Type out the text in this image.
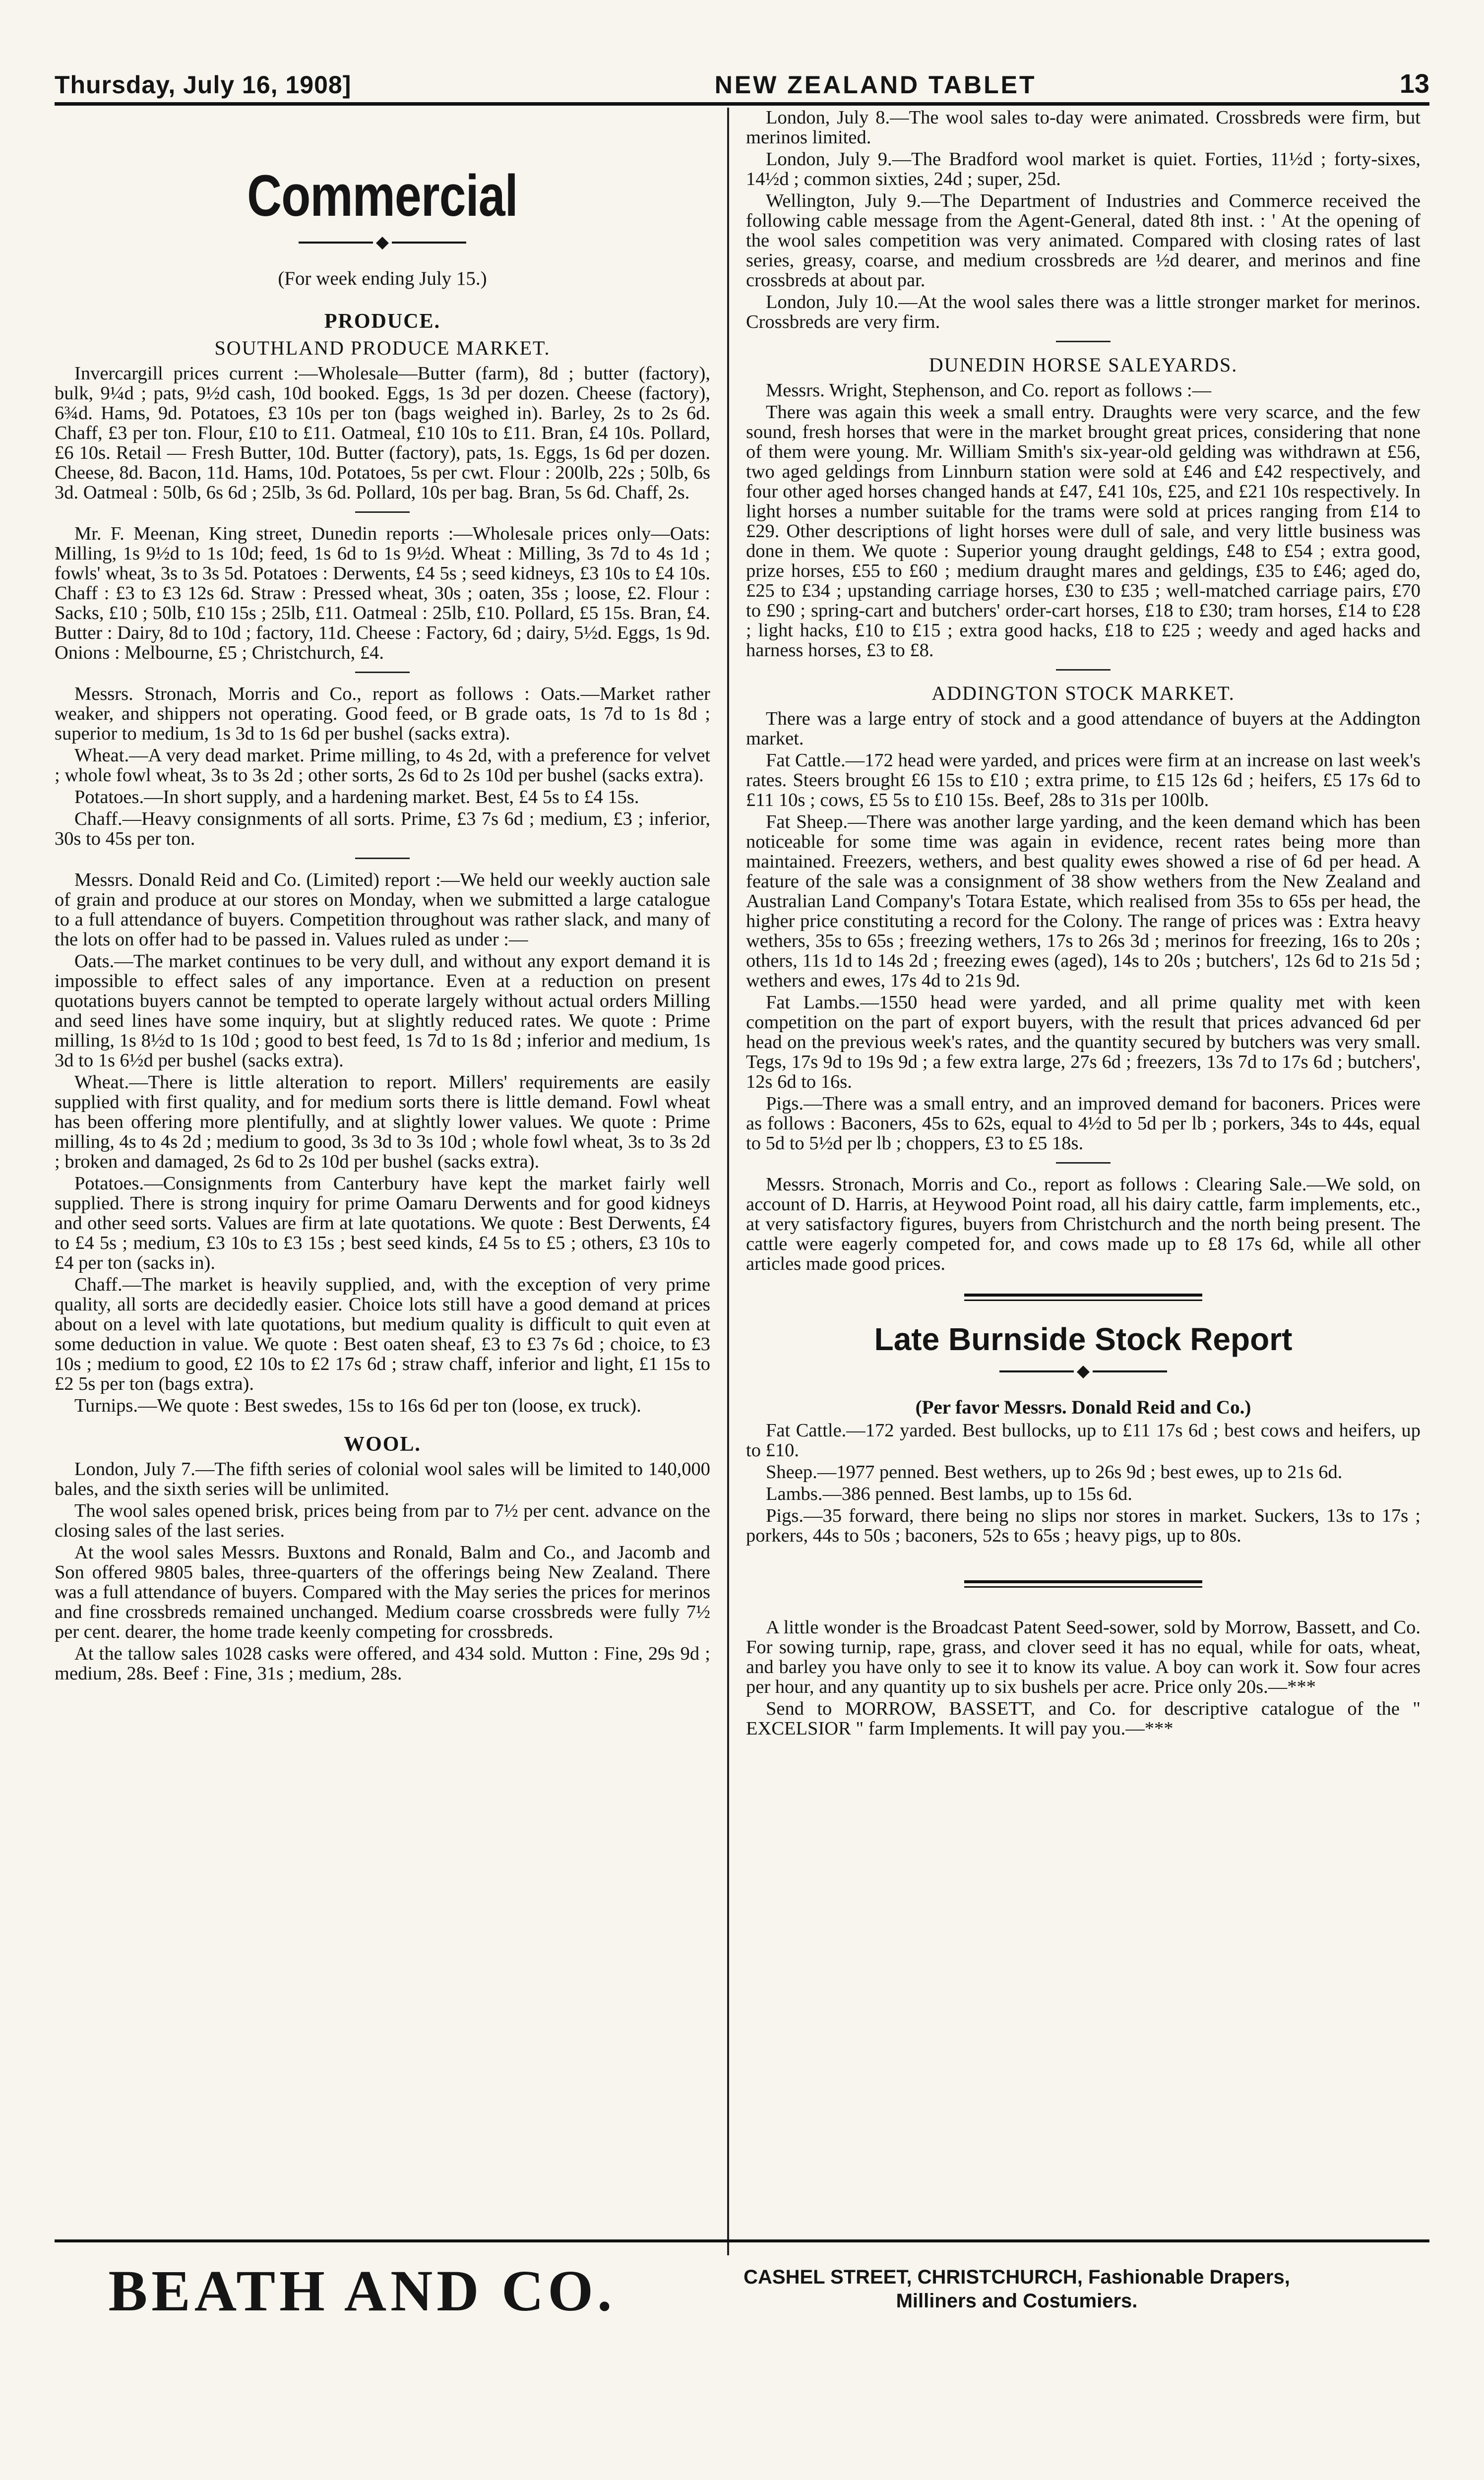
Thursday, July 16, 1908]	NEW ZEALAND TABLET	13
Commercial
◆
(For week ending July 15.)
PRODUCE.
SOUTHLAND PRODUCE MARKET.

Invercargill prices current :—Wholesale—Butter (farm), 8d ; butter (factory), bulk, 9¼d ; pats, 9½d cash, 10d booked. Eggs, 1s 3d per dozen. Cheese (factory), 6¾d. Hams, 9d. Potatoes, £3 10s per ton (bags weighed in). Barley, 2s to 2s 6d. Chaff, £3 per ton. Flour, £10 to £11. Oatmeal, £10 10s to £11. Bran, £4 10s. Pollard, £6 10s. Retail — Fresh Butter, 10d. Butter (factory), pats, 1s. Eggs, 1s 6d per dozen. Cheese, 8d. Bacon, 11d. Hams, 10d. Potatoes, 5s per cwt. Flour : 200lb, 22s ; 50lb, 6s 3d. Oatmeal : 50lb, 6s 6d ; 25lb, 3s 6d. Pollard, 10s per bag. Bran, 5s 6d. Chaff, 2s.

Mr. F. Meenan, King street, Dunedin reports :—Wholesale prices only—Oats: Milling, 1s 9½d to 1s 10d; feed, 1s 6d to 1s 9½d. Wheat : Milling, 3s 7d to 4s 1d ; fowls' wheat, 3s to 3s 5d. Potatoes : Derwents, £4 5s ; seed kidneys, £3 10s to £4 10s. Chaff : £3 to £3 12s 6d. Straw : Pressed wheat, 30s ; oaten, 35s ; loose, £2. Flour : Sacks, £10 ; 50lb, £10 15s ; 25lb, £11. Oatmeal : 25lb, £10. Pollard, £5 15s. Bran, £4. Butter : Dairy, 8d to 10d ; factory, 11d. Cheese : Factory, 6d ; dairy, 5½d. Eggs, 1s 9d. Onions : Melbourne, £5 ; Christchurch, £4.

Messrs. Stronach, Morris and Co., report as follows : Oats.—Market rather weaker, and shippers not operating. Good feed, or B grade oats, 1s 7d to 1s 8d ; superior to medium, 1s 3d to 1s 6d per bushel (sacks extra).

Wheat.—A very dead market. Prime milling, to 4s 2d, with a preference for velvet ; whole fowl wheat, 3s to 3s 2d ; other sorts, 2s 6d to 2s 10d per bushel (sacks extra).

Potatoes.—In short supply, and a hardening market. Best, £4 5s to £4 15s.

Chaff.—Heavy consignments of all sorts. Prime, £3 7s 6d ; medium, £3 ; inferior, 30s to 45s per ton.

Messrs. Donald Reid and Co. (Limited) report :—We held our weekly auction sale of grain and produce at our stores on Monday, when we submitted a large catalogue to a full attendance of buyers. Competition throughout was rather slack, and many of the lots on offer had to be passed in. Values ruled as under :—

Oats.—The market continues to be very dull, and without any export demand it is impossible to effect sales of any importance. Even at a reduction on present quotations buyers cannot be tempted to operate largely without actual orders Milling and seed lines have some inquiry, but at slightly reduced rates. We quote : Prime milling, 1s 8½d to 1s 10d ; good to best feed, 1s 7d to 1s 8d ; inferior and medium, 1s 3d to 1s 6½d per bushel (sacks extra).

Wheat.—There is little alteration to report. Millers' requirements are easily supplied with first quality, and for medium sorts there is little demand. Fowl wheat has been offering more plentifully, and at slightly lower values. We quote : Prime milling, 4s to 4s 2d ; medium to good, 3s 3d to 3s 10d ; whole fowl wheat, 3s to 3s 2d ; broken and damaged, 2s 6d to 2s 10d per bushel (sacks extra).

Potatoes.—Consignments from Canterbury have kept the market fairly well supplied. There is strong inquiry for prime Oamaru Derwents and for good kidneys and other seed sorts. Values are firm at late quotations. We quote : Best Derwents, £4 to £4 5s ; medium, £3 10s to £3 15s ; best seed kinds, £4 5s to £5 ; others, £3 10s to £4 per ton (sacks in).

Chaff.—The market is heavily supplied, and, with the exception of very prime quality, all sorts are decidedly easier. Choice lots still have a good demand at prices about on a level with late quotations, but medium quality is difficult to quit even at some deduction in value. We quote : Best oaten sheaf, £3 to £3 7s 6d ; choice, to £3 10s ; medium to good, £2 10s to £2 17s 6d ; straw chaff, inferior and light, £1 15s to £2 5s per ton (bags extra).

Turnips.—We quote : Best swedes, 15s to 16s 6d per ton (loose, ex truck).

WOOL.

London, July 7.—The fifth series of colonial wool sales will be limited to 140,000 bales, and the sixth series will be unlimited.

The wool sales opened brisk, prices being from par to 7½ per cent. advance on the closing sales of the last series.

At the wool sales Messrs. Buxtons and Ronald, Balm and Co., and Jacomb and Son offered 9805 bales, three-quarters of the offerings being New Zealand. There was a full attendance of buyers. Compared with the May series the prices for merinos and fine crossbreds remained unchanged. Medium coarse crossbreds were fully 7½ per cent. dearer, the home trade keenly competing for crossbreds.

At the tallow sales 1028 casks were offered, and 434 sold. Mutton : Fine, 29s 9d ; medium, 28s. Beef : Fine, 31s ; medium, 28s.

London, July 8.—The wool sales to-day were animated. Crossbreds were firm, but merinos limited.

London, July 9.—The Bradford wool market is quiet. Forties, 11½d ; forty-sixes, 14½d ; common sixties, 24d ; super, 25d.

Wellington, July 9.—The Department of Industries and Commerce received the following cable message from the Agent-General, dated 8th inst. : ' At the opening of the wool sales competition was very animated. Compared with closing rates of last series, greasy, coarse, and medium crossbreds are ½d dearer, and merinos and fine crossbreds at about par.

London, July 10.—At the wool sales there was a little stronger market for merinos. Crossbreds are very firm.

DUNEDIN HORSE SALEYARDS.

Messrs. Wright, Stephenson, and Co. report as follows :—

There was again this week a small entry. Draughts were very scarce, and the few sound, fresh horses that were in the market brought great prices, considering that none of them were young. Mr. William Smith's six-year-old gelding was withdrawn at £56, two aged geldings from Linnburn station were sold at £46 and £42 respectively, and four other aged horses changed hands at £47, £41 10s, £25, and £21 10s respectively. In light horses a number suitable for the trams were sold at prices ranging from £14 to £29. Other descriptions of light horses were dull of sale, and very little business was done in them. We quote : Superior young draught geldings, £48 to £54 ; extra good, prize horses, £55 to £60 ; medium draught mares and geldings, £35 to £46; aged do, £25 to £34 ; upstanding carriage horses, £30 to £35 ; well-matched carriage pairs, £70 to £90 ; spring-cart and butchers' order-cart horses, £18 to £30; tram horses, £14 to £28 ; light hacks, £10 to £15 ; extra good hacks, £18 to £25 ; weedy and aged hacks and harness horses, £3 to £8.

ADDINGTON STOCK MARKET.

There was a large entry of stock and a good attendance of buyers at the Addington market.

Fat Cattle.—172 head were yarded, and prices were firm at an increase on last week's rates. Steers brought £6 15s to £10 ; extra prime, to £15 12s 6d ; heifers, £5 17s 6d to £11 10s ; cows, £5 5s to £10 15s. Beef, 28s to 31s per 100lb.

Fat Sheep.—There was another large yarding, and the keen demand which has been noticeable for some time was again in evidence, recent rates being more than maintained. Freezers, wethers, and best quality ewes showed a rise of 6d per head. A feature of the sale was a consignment of 38 show wethers from the New Zealand and Australian Land Company's Totara Estate, which realised from 35s to 65s per head, the higher price constituting a record for the Colony. The range of prices was : Extra heavy wethers, 35s to 65s ; freezing wethers, 17s to 26s 3d ; merinos for freezing, 16s to 20s ; others, 11s 1d to 14s 2d ; freezing ewes (aged), 14s to 20s ; butchers', 12s 6d to 21s 5d ; wethers and ewes, 17s 4d to 21s 9d.

Fat Lambs.—1550 head were yarded, and all prime quality met with keen competition on the part of export buyers, with the result that prices advanced 6d per head on the previous week's rates, and the quantity secured by butchers was very small. Tegs, 17s 9d to 19s 9d ; a few extra large, 27s 6d ; freezers, 13s 7d to 17s 6d ; butchers', 12s 6d to 16s.

Pigs.—There was a small entry, and an improved demand for baconers. Prices were as follows : Baconers, 45s to 62s, equal to 4½d to 5d per lb ; porkers, 34s to 44s, equal to 5d to 5½d per lb ; choppers, £3 to £5 18s.

Messrs. Stronach, Morris and Co., report as follows : Clearing Sale.—We sold, on account of D. Harris, at Heywood Point road, all his dairy cattle, farm implements, etc., at very satisfactory figures, buyers from Christchurch and the north being present. The cattle were eagerly competed for, and cows made up to £8 17s 6d, while all other articles made good prices.

Late Burnside Stock Report
◆
(Per favor Messrs. Donald Reid and Co.)

Fat Cattle.—172 yarded. Best bullocks, up to £11 17s 6d ; best cows and heifers, up to £10.

Sheep.—1977 penned. Best wethers, up to 26s 9d ; best ewes, up to 21s 6d.

Lambs.—386 penned. Best lambs, up to 15s 6d.

Pigs.—35 forward, there being no slips nor stores in market. Suckers, 13s to 17s ; porkers, 44s to 50s ; baconers, 52s to 65s ; heavy pigs, up to 80s.

A little wonder is the Broadcast Patent Seed-sower, sold by Morrow, Bassett, and Co. For sowing turnip, rape, grass, and clover seed it has no equal, while for oats, wheat, and barley you have only to see it to know its value. A boy can work it. Sow four acres per hour, and any quantity up to six bushels per acre. Price only 20s.—***

Send to MORROW, BASSETT, and Co. for descriptive catalogue of the " EXCELSIOR " farm Implements. It will pay you.—***

BEATH AND CO.	CASHEL STREET, CHRISTCHURCH, Fashionable Drapers,
Milliners and Costumiers.
